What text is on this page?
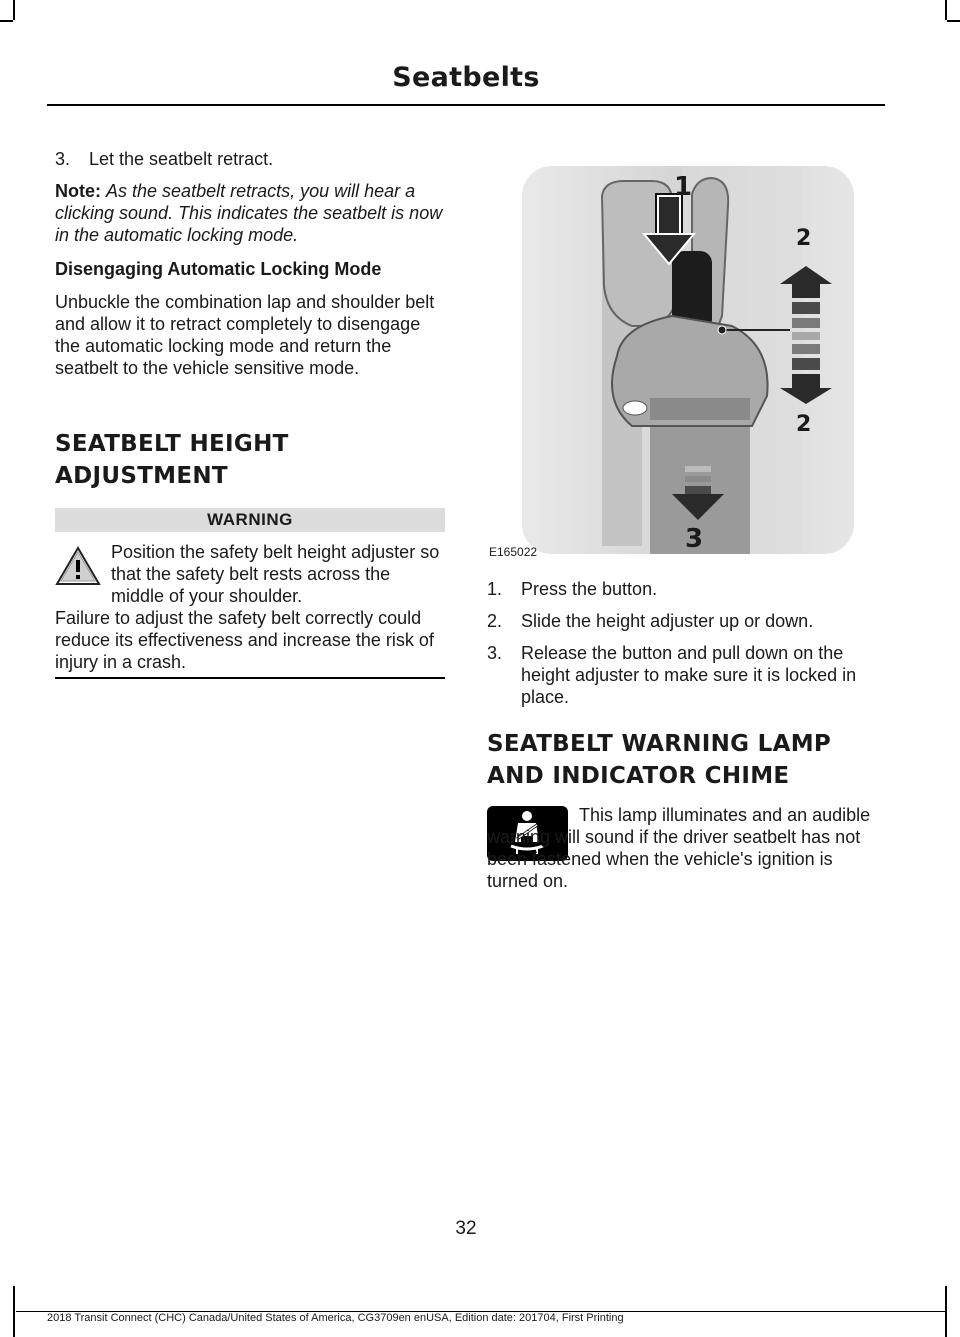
Seatbelts

3. Let the seatbelt retract.

Note: As the seatbelt retracts, you will hear a clicking sound. This indicates the seatbelt is now in the automatic locking mode.

Disengaging Automatic Locking Mode

Unbuckle the combination lap and shoulder belt and allow it to retract completely to disengage the automatic locking mode and return the seatbelt to the vehicle sensitive mode.

SEATBELT HEIGHT
ADJUSTMENT
WARNING
Position the safety belt height adjuster so that the safety belt rests across the middle of your shoulder.
Failure to adjust the safety belt correctly could reduce its effectiveness and increase the risk of injury in a crash.
1
2
2
3
E165022

1. Press the button.

2. Slide the height adjuster up or down.

3. Release the button and pull down on the height adjuster to make sure it is locked in place.

SEATBELT WARNING LAMP
AND INDICATOR CHIME
This lamp illuminates and an audible warning will sound if the driver seatbelt has not been fastened when the vehicle's ignition is turned on.
32
2018 Transit Connect (CHC) Canada/United States of America, CG3709en enUSA, Edition date: 201704, First Printing
